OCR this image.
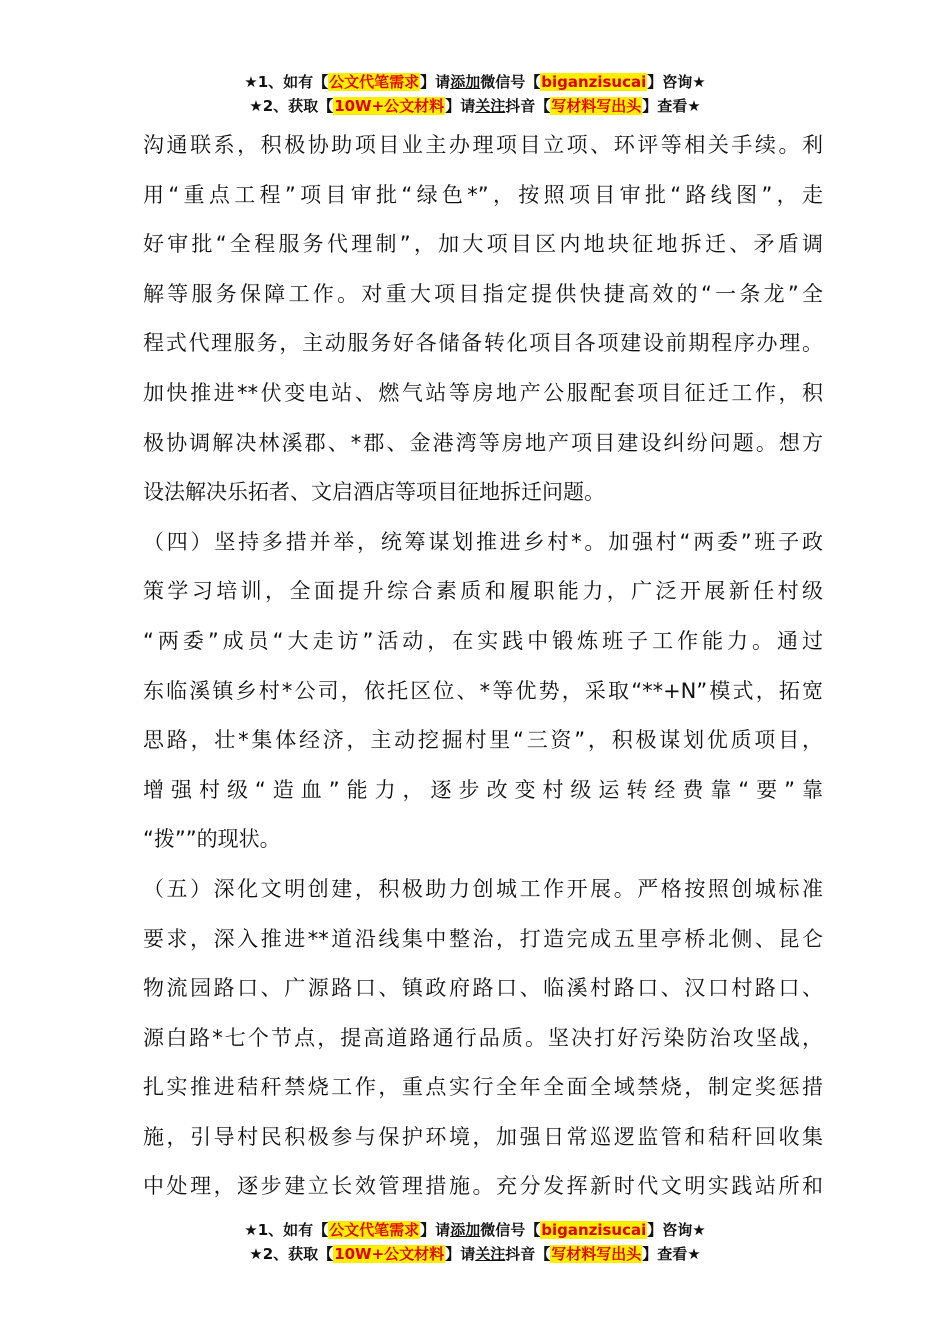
★1、如有【公文代笔需求】请添加微信号【biganzisucai】咨询★
★2、获取【10W+公文材料】请关注抖音【写材料写出头】查看★
沟通联系，积极协助项目业主办理项目立项、环评等相关手续。利
用“重点工程”项目审批“绿色*”，按照项目审批“路线图”，走
好审批“全程服务代理制”，加大项目区内地块征地拆迁、矛盾调
解等服务保障工作。对重大项目指定提供快捷高效的“一条龙”全
程式代理服务，主动服务好各储备转化项目各项建设前期程序办理。
加快推进**伏变电站、燃气站等房地产公服配套项目征迁工作，积
极协调解决林溪郡、*郡、金港湾等房地产项目建设纠纷问题。想方
设法解决乐拓者、文启酒店等项目征地拆迁问题。
（四）坚持多措并举，统筹谋划推进乡村*。加强村“两委”班子政
策学习培训，全面提升综合素质和履职能力，广泛开展新任村级
“两委”成员“大走访”活动，在实践中锻炼班子工作能力。通过
东临溪镇乡村*公司，依托区位、*等优势，采取“**+N”模式，拓宽
思路，壮*集体经济，主动挖掘村里“三资”，积极谋划优质项目，
增强村级“造血”能力，逐步改变村级运转经费靠“要”靠
“拨””的现状。
（五）深化文明创建，积极助力创城工作开展。严格按照创城标准
要求，深入推进**道沿线集中整治，打造完成五里亭桥北侧、昆仑
物流园路口、广源路口、镇政府路口、临溪村路口、汉口村路口、
源白路*七个节点，提高道路通行品质。坚决打好污染防治攻坚战，
扎实推进秸秆禁烧工作，重点实行全年全面全域禁烧，制定奖惩措
施，引导村民积极参与保护环境，加强日常巡逻监管和秸秆回收集
中处理，逐步建立长效管理措施。充分发挥新时代文明实践站所和
★1、如有【公文代笔需求】请添加微信号【biganzisucai】咨询★
★2、获取【10W+公文材料】请关注抖音【写材料写出头】查看★
